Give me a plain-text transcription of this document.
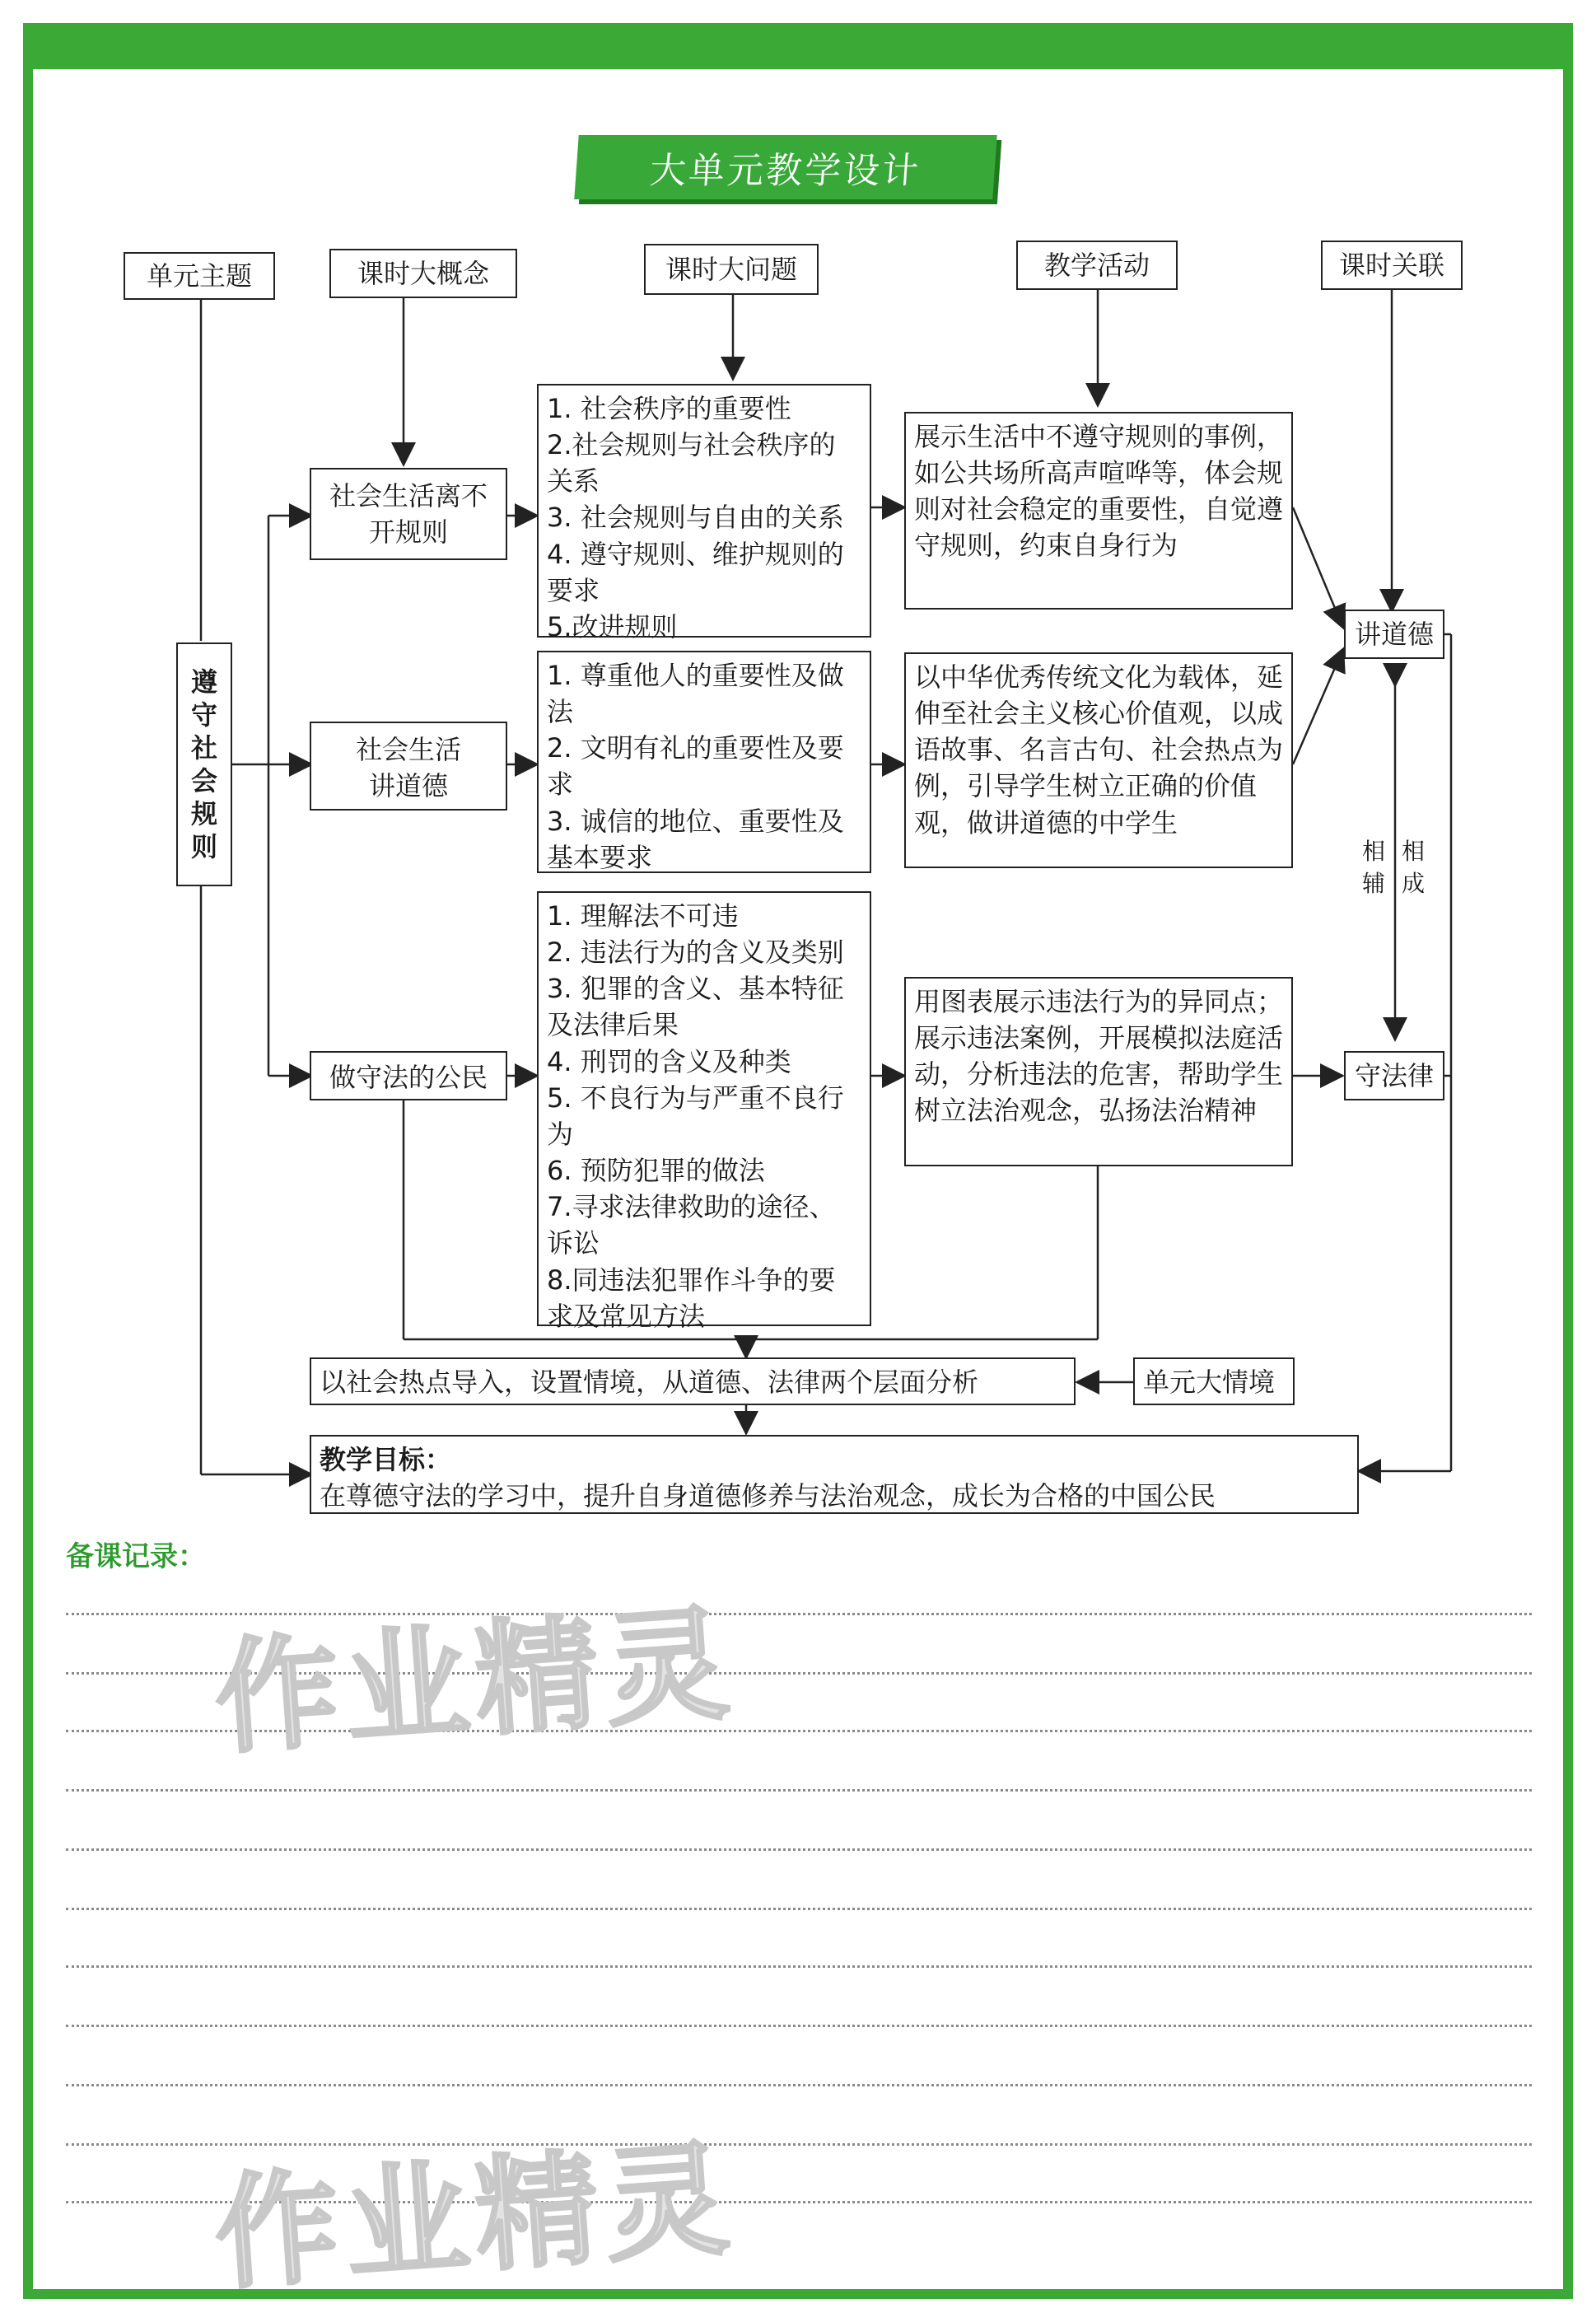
大单元教学设计
单元主题	课时大概念	课时大问题	教学活动	课时关联
遵
守
社
会
规
则
社会生活离不开规则
社会生活讲道德
做守法的公民
1. 社会秩序的重要性
2.社会规则与社会秩序的关系
3. 社会规则与自由的关系
4. 遵守规则、维护规则的要求
5.改进规则
1. 尊重他人的重要性及做法
2. 文明有礼的重要性及要求
3. 诚信的地位、重要性及基本要求
1. 理解法不可违
2. 违法行为的含义及类别
3. 犯罪的含义、基本特征及法律后果
4. 刑罚的含义及种类
5. 不良行为与严重不良行为
6. 预防犯罪的做法
7.寻求法律救助的途径、诉讼
8.同违法犯罪作斗争的要求及常见方法
展示生活中不遵守规则的事例，如公共场所高声喧哗等，体会规则对社会稳定的重要性，自觉遵守规则，约束自身行为
以中华优秀传统文化为载体，延伸至社会主义核心价值观，以成语故事、名言古句、社会热点为例，引导学生树立正确的价值观，做讲道德的中学生
用图表展示违法行为的异同点；展示违法案例，开展模拟法庭活动，分析违法的危害，帮助学生树立法治观念，弘扬法治精神
讲道德
守法律
相辅
相成
以社会热点导入，设置情境，从道德、法律两个层面分析	单元大情境
教学目标：
在尊德守法的学习中，提升自身道德修养与法治观念，成长为合格的中国公民
备课记录：
作业精灵
作业精灵
